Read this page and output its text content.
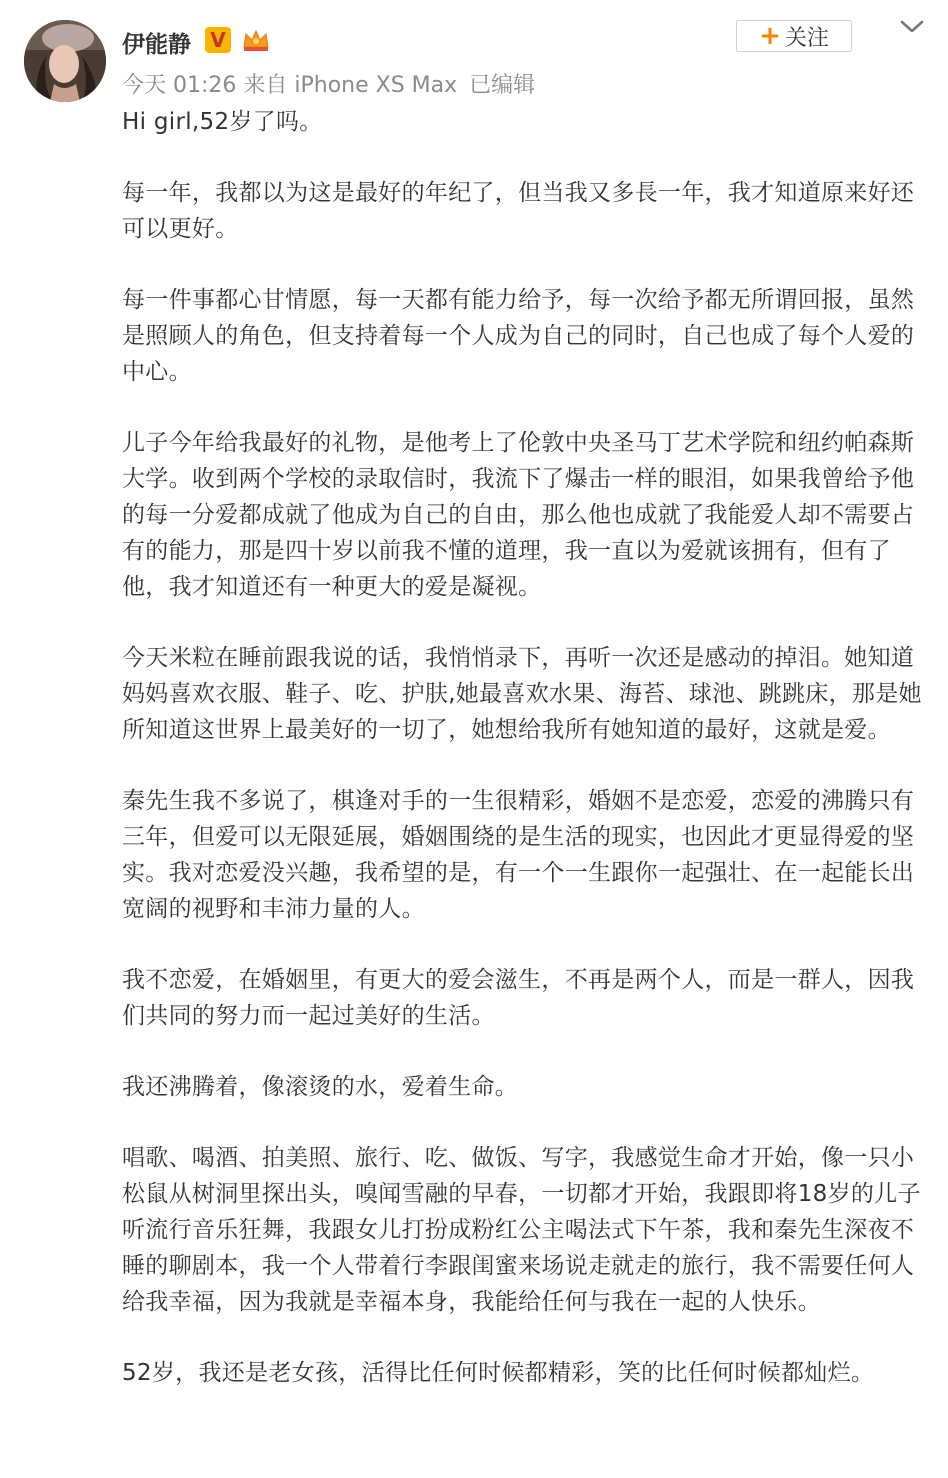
伊能静 V
今天 01:26 来自 iPhone XS Max 已编辑
+ 关注

Hi girl,52岁了吗。

每一年，我都以为这是最好的年纪了，但当我又多長一年，我才知道原来好还可以更好。

每一件事都心甘情愿，每一天都有能力给予，每一次给予都无所谓回报，虽然是照顾人的角色，但支持着每一个人成为自己的同时，自己也成了每个人爱的中心。

儿子今年给我最好的礼物，是他考上了伦敦中央圣马丁艺术学院和纽约帕森斯大学。收到两个学校的录取信时，我流下了爆击一样的眼泪，如果我曾给予他的每一分爱都成就了他成为自己的自由，那么他也成就了我能爱人却不需要占有的能力，那是四十岁以前我不懂的道理，我一直以为爱就该拥有，但有了他，我才知道还有一种更大的爱是凝视。

今天米粒在睡前跟我说的话，我悄悄录下，再听一次还是感动的掉泪。她知道妈妈喜欢衣服、鞋子、吃、护肤,她最喜欢水果、海苔、球池、跳跳床，那是她所知道这世界上最美好的一切了，她想给我所有她知道的最好，这就是爱。

秦先生我不多说了，棋逢对手的一生很精彩，婚姻不是恋爱，恋爱的沸腾只有三年，但爱可以无限延展，婚姻围绕的是生活的现实，也因此才更显得爱的坚实。我对恋爱没兴趣，我希望的是，有一个一生跟你一起强壮、在一起能长出宽阔的视野和丰沛力量的人。

我不恋爱，在婚姻里，有更大的爱会滋生，不再是两个人，而是一群人，因我们共同的努力而一起过美好的生活。

我还沸腾着，像滚烫的水，爱着生命。

唱歌、喝酒、拍美照、旅行、吃、做饭、写字，我感觉生命才开始，像一只小松鼠从树洞里探出头，嗅闻雪融的早春，一切都才开始，我跟即将18岁的儿子听流行音乐狂舞，我跟女儿打扮成粉红公主喝法式下午茶，我和秦先生深夜不睡的聊剧本，我一个人带着行李跟闺蜜来场说走就走的旅行，我不需要任何人给我幸福，因为我就是幸福本身，我能给任何与我在一起的人快乐。

52岁，我还是老女孩，活得比任何时候都精彩，笑的比任何时候都灿烂。
